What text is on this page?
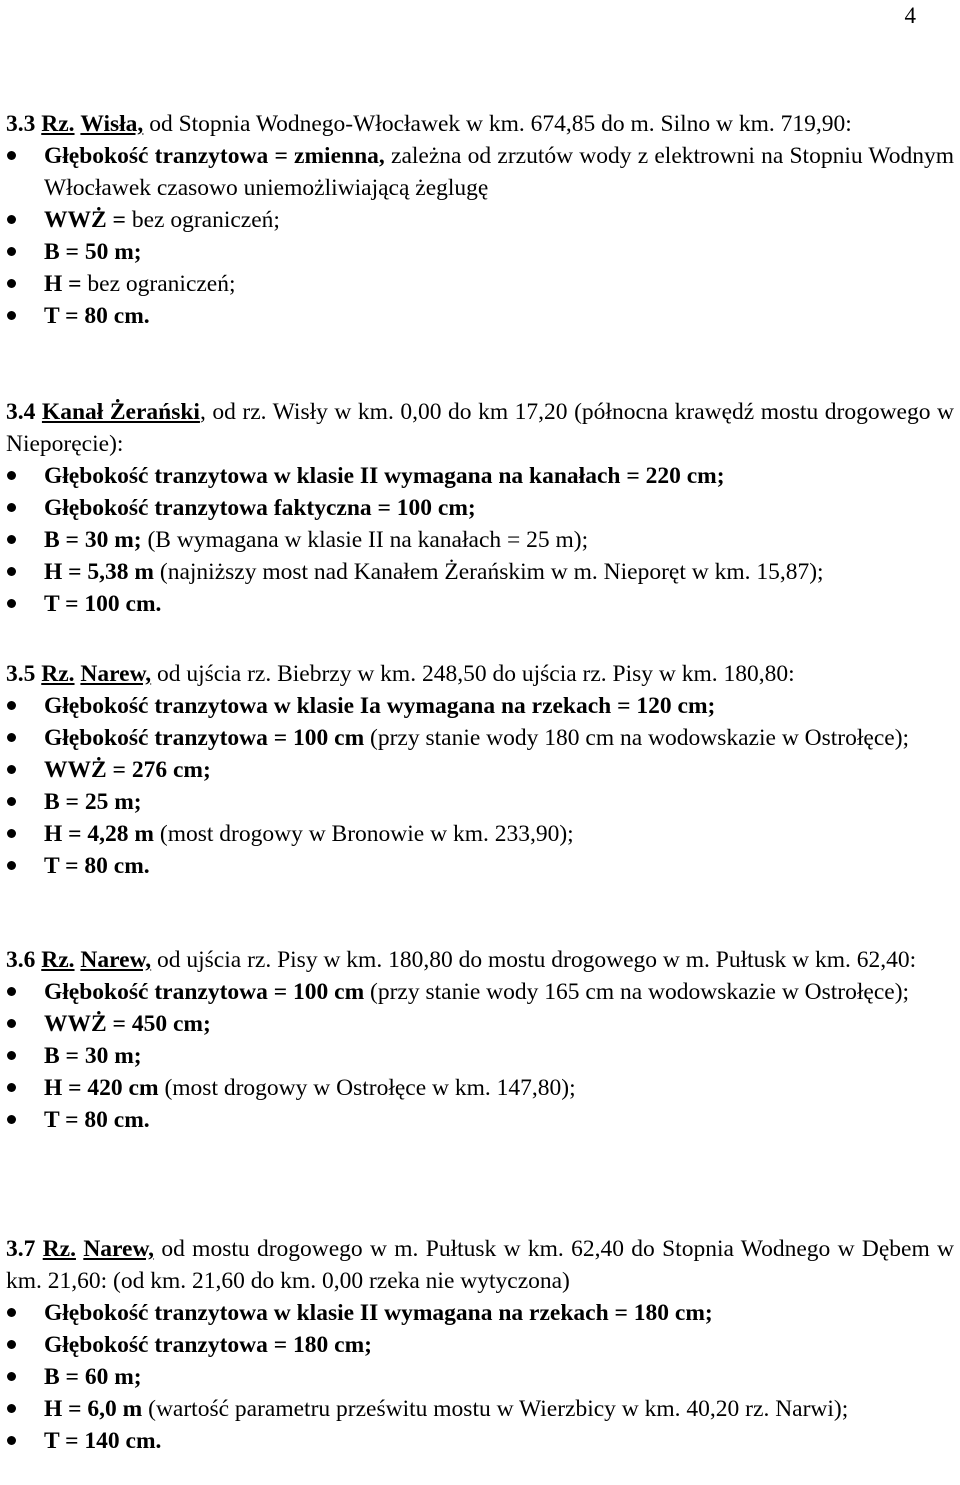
4
3.3 Rz. Wisła, od Stopnia Wodnego-Włocławek w km. 674,85 do m. Silno w km. 719,90:
Głębokość tranzytowa = zmienna, zależna od zrzutów wody z elektrowni na Stopniu Wodnym Włocławek czasowo uniemożliwiającą żeglugę
WWŻ = bez ograniczeń;
B = 50 m;
H = bez ograniczeń;
T = 80 cm.
3.4 Kanał Żerański, od rz. Wisły w km. 0,00 do km 17,20 (północna krawędź mostu drogowego w Nieporęcie):
Głębokość tranzytowa w klasie II wymagana na kanałach = 220 cm;
Głębokość tranzytowa faktyczna = 100 cm;
B = 30 m; (B wymagana w klasie II na kanałach = 25 m);
H = 5,38 m (najniższy most nad Kanałem Żerańskim w m. Nieporęt w km. 15,87);
T = 100 cm.
3.5 Rz. Narew, od ujścia rz. Biebrzy w km. 248,50 do ujścia rz. Pisy w km. 180,80:
Głębokość tranzytowa w klasie Ia wymagana na rzekach = 120 cm;
Głębokość tranzytowa = 100 cm (przy stanie wody 180 cm na wodowskazie w Ostrołęce);
WWŻ = 276 cm;
B = 25 m;
H = 4,28 m (most drogowy w Bronowie w km. 233,90);
T = 80 cm.
3.6 Rz. Narew, od ujścia rz. Pisy w km. 180,80 do mostu drogowego w m. Pułtusk w km. 62,40:
Głębokość tranzytowa = 100 cm (przy stanie wody 165 cm na wodowskazie w Ostrołęce);
WWŻ = 450 cm;
B = 30 m;
H = 420 cm (most drogowy w Ostrołęce w km. 147,80);
T = 80 cm.
3.7 Rz. Narew, od mostu drogowego w m. Pułtusk w km. 62,40 do Stopnia Wodnego w Dębem w km. 21,60: (od km. 21,60 do km. 0,00 rzeka nie wytyczona)
Głębokość tranzytowa w klasie II wymagana na rzekach = 180 cm;
Głębokość tranzytowa = 180 cm;
B = 60 m;
H = 6,0 m (wartość parametru prześwitu mostu w Wierzbicy w km. 40,20 rz. Narwi);
T = 140 cm.
